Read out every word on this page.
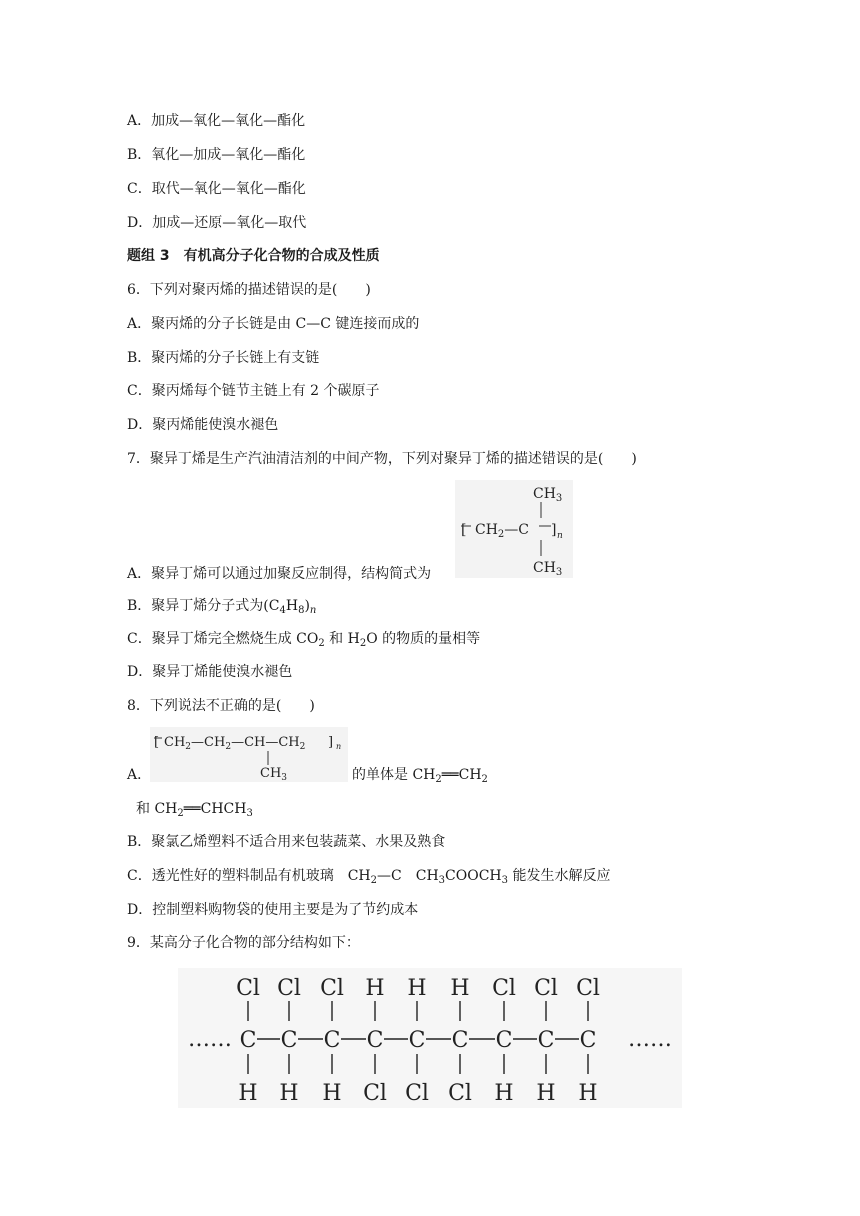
A．加成—氧化—氧化—酯化
B．氧化—加成—氧化—酯化
C．取代—氧化—氧化—酯化
D．加成—还原—氧化—取代
题组 3　有机高分子化合物的合成及性质
6．下列对聚丙烯的描述错误的是(　　)
A．聚丙烯的分子长链是由 C—C 键连接而成的
B．聚丙烯的分子长链上有支链
C．聚丙烯每个链节主链上有 2 个碳原子
D．聚丙烯能使溴水褪色
7．聚异丁烯是生产汽油清洁剂的中间产物，下列对聚异丁烯的描述错误的是(　　)
$CH_3$
[ $CH_2—C$ ] n
$CH_3$
A．聚异丁烯可以通过加聚反应制得，结构简式为
B．聚异丁烯分子式为$(C_4H_8)_n$
C．聚异丁烯完全燃烧生成 $CO_2$ 和 $H_2O$ 的物质的量相等
D．聚异丁烯能使溴水褪色
8．下列说法不正确的是(　　)
[ $CH_2—CH_2—CH—CH_2$ ] n
$CH_3$
A．	的单体是 $CH_2══CH_2$
和 $CH_2══CHCH_3$
B．聚氯乙烯塑料不适合用来包装蔬菜、水果及熟食
C．透光性好的塑料制品有机玻璃　$CH_2—C$　$CH_3COOCH_3$ 能发生水解反应
D．控制塑料购物袋的使用主要是为了节约成本
9．某高分子化合物的部分结构如下：
……	……
Cl
C
H
Cl
C
H
Cl
C
H
H
C
Cl
H
C
Cl
H
C
Cl
Cl
C
H
Cl
C
H
Cl
C
H
